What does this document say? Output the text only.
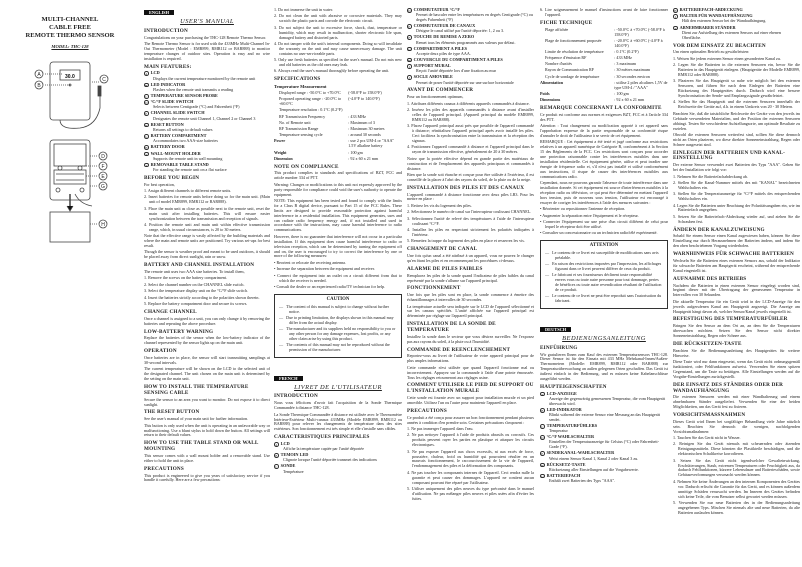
MULTI-CHANNEL
CABLE FREE
REMOTE THERMO SENSOR
MODEL: THC-128
30.0
A
B
C
D
F
E
G
H
ENGLISH
USER'S MANUAL
INTRODUCTION
Congratulations on your purchasing the THC-128 Remote Thermo Sensor.
The Remote Thermo Sensor is for used with the 433MHz Multi-Channel In-Out Thermometer (Model : EMR899, RMR112 or BAR888) to monitor temperature changes of outdoor sites. Operation is easy and no wire installation is required.
MAIN FEATURES:
A LCD
Displays the current temperature monitored by the remote unit
B LED INDICATOR
Flashes when the remote unit transmits a reading
C TEMPERATURE SENSOR PROBE
D °C/°F SLIDE SWITCH
Selects between Centigrade (°C) and Fahrenheit (°F)
E CHANNEL SLIDE SWITCH
Designates the remote unit Channel 1, Channel 2 or Channel 3
F RESET BUTTON
Returns all settings to default values
G BATTERY COMPARTMENT
Accommodates two AAA-size batteries
H BATTERY DOOR
I WALL-MOUNT HOLDER
Supports the remote unit in wall mounting
J REMOVABLE TABLE STAND
For standing the remote unit on a flat surface
BEFORE YOU BEGIN
For best operation,
1. Assign different channels to different remote units.
2. Insert batteries for remote units before doing so for the main unit. (Main unit of model EMR899, RMR112 or BAR888).
3. Place the main unit as close as possible next to the remote unit, reset the main unit after installing batteries. This will ensure easier synchronization between the transmission and reception of signals.
4. Position the remote unit and main unit within effective transmission range, which, in usual circumstances, is 20 to 30 meters.
Note that the effective range is vastly affected by the building materials and where the main and remote units are positioned. Try various set-ups for best result.
Though the sensor is weather proof and meant to be used outdoors, it should be placed away from direct sunlight, rain or snow.
BATTERY AND CHANNEL INSTALLATION
The remote unit uses two AAA size batteries. To install them,
1. Remove the screws on the battery compartment.
2. Select the channel number on the CHANNEL slide switch.
3. Select the temperature display unit on the °C/°F slide switch.
4. Insert the batteries strictly according to the polarities shown therein.
5. Replace the battery compartment door and secure its screws.
CHANGE CHANNEL
Once a channel is assigned to a unit, you can only change it by removing the batteries and repeating the above procedure.
LOW-BATTERY WARNING
Replace the batteries of the sensor when the low-battery indicator of the channel represented by the sensor lights up on the main unit.
OPERATION
Once batteries are in place, the sensor will start transmitting samplings at 30-second intervals.
The current temperature will be shown on the LCD to the selected unit of the designated channel. The unit chosen on the main unit is determined by the setting on the main unit.
HOW TO INSTALL THE TEMPERATURE SENSING CABLE
Secure the sensor to an area you want to monitor. Do not expose it to direct sunlight.
THE RESET BUTTON
See the user's manual of your main unit for further information.
This button is only used when the unit is operating in an unfavorable way or malfunctioning. Use a blunt stylus to hold down the button. All settings will return to their default values.
HOW TO USE THE TABLE STAND OR WALL MOUNTING
This sensor comes with a wall mount holder and a removable stand. Use either to hold the unit in place.
PRECAUTIONS
This product is engineered to give you years of satisfactory service if you handle it carefully. Here are a few precautions:
1. Do not immerse the unit in water.
2. Do not clean the unit with abrasive or corrosive materials. They may scratch the plastic parts and corrode the electronic circuit.
3. Do not subject the unit to excessive force, shock, dust, temperature or humidity, which may result in malfunction, shorter electronic life span, damaged battery and distorted parts.
4. Do not tamper with the unit's internal components. Doing so will invalidate the warranty on the unit and may cause unnecessary damage. The unit contains no user-serviceable parts.
5. Only use fresh batteries as specified in the user's manual. Do not mix new and old batteries as the old ones may leak.
6. Always read the user's manual thoroughly before operating the unit.
SPECIFICATIONS
Temperature Measurement
Displayed range : -50.0°C to +70.0°C	(-58.0°F to 158.0°F)
Proposed operating range : -20.0°C to +60.0°C
(-4.0°F to 140.0°F)
Temperature resolution : 0.1°C (0.2°F)
RF Transmission Frequency	: 433 MHz
No. of Remote unit	: Maximum of 3
RF Transmission Range	: Maximum 30 metres
Temperature sensing cycle	: around 30 seconds
Power	: use 2 pcs UM-4 or "AAA" 1.5V alkaline battery
Weight	: 100 gm
Dimension	: 92 x 60 x 21 mm
NOTE ON COMPLIANCE
This product complies to standards and specifications of BZT, FCC and article number 334 of PTT.
Warning: Changes or modifications to this unit not expressly approved by the party responsible for compliance could void the user's authority to operate the equipment.
NOTE: This equipment has been tested and found to comply with the limits for a Class B digital device, pursuant to Part 15 of the FCC Rules. These limits are designed to provide reasonable protection against harmful interference in a residential installation. This equipment generates, uses and can radiate radio frequency energy and, if not installed and used in accordance with the instructions, may cause harmful interference to radio communications.
However, there is no guarantee that interference will not occur in a particular installation. If this equipment does cause harmful interference to radio or television reception, which can be determined by turning the equipment off and on, the user is encouraged to try to correct the interference by one or more of the following measures:
• Reorient or relocate the receiving antenna.
• Increase the separation between the equipment and receiver.
• Connect the equipment into an outlet on a circuit different from that to which the receiver is needed.
• Consult the dealer or an experienced radio/TV technician for help.
CAUTION
—   The content of this manual is subject to change without further notice.
—   Due to printing limitation, the displays shown in this manual may differ from the actual display.
—   The manufacturer and its suppliers held no responsibility to you or any other person for any damage expenses, lost profits, or any other claim arise by using this product.
—   The contents of this manual may not be reproduced without the permission of the manufacturer.
FRENCH
LIVRET DE L'UTILISATEUR
INTRODUCTION
Nous vous félicitons d'avoir fait l'acquisition de la Sonde Thermique Commandée à distance THC-128.
La Sonde Thermique Commandée à distance est utilisée avec le Thermomètre Intérieur-Extérieur Multi-canaux 433MHz (Modèle EMR899, RMR112 ou BAR888) pour relever les changements de température dans des sites extérieurs. Son fonctionnement est très simple et elle s'installe sans câbles.
CARACTERISTIQUES PRINCIPALES
A LCD
Affiche la température captée par l'unité déportée
B TEMOIN LED
Clignote lorsque l'unité déportée transmet des indications
C SONDE
Température
D COMMUTATEUR °C/°F
Permet de basculer entre les températures en degrés Centigrade (°C) ou degrés Fahrenheit (°F)
E COMMUTATEUR DE CANAUX
Désigne le canal utilisé par l'unité déportée: 1, 2 ou 3.
F TOUCHE DE REMISE A ZERO
Remet tous les éléments programmés aux valeurs par défaut.
G COMPARTIMENT A PILES
Accepte deux piles de type AAA.
H COUVERCLE DU COMPARTIMENT A PILES
I SUPPORT MURAL
Reçoit l'unité déportée lors d'une fixation au mur
J SOCLE AMOVIBLE
Permet de poser l'unité déportée sur une surface horizontale
AVANT DE COMMENCER
Pour un fonctionnement optimum,
1. Attribuez différents canaux à différents appareils commandés à distance.
2. Insérez les piles des appareils commandés à distance avant d'installer celles de l'appareil principal. (Appareil principal du modèle EMR899, RMR112 ou BAR888).
3. Placez l'appareil principal aussi près que possible de l'appareil commandé à distance; réinitialisez l'appareil principal après avoir installé les piles. Ceci facilitera la synchronisation entre la transmission et la réception des signaux.
4. Positionnez l'appareil commandé à distance et l'appareil principal dans le rayon de transmission effective, généralement de 20 à 30 mètres.
Notez que la portée effective dépend en grande partie des matériaux de construction et de l'emplacement des appareils principaux et commandés à distance.
Bien que la sonde soit étanche et conçue pour être utilisée à l'extérieur, il est conseillé de la placer à l'abri des rayons du soleil, de la pluie ou de la neige.
INSTALLATION DES PILES ET DES CANAUX
L'appareil commandé à distance fonctionne avec deux piles LR3. Pour les mettre en place :
1. Retirez les vis du logement des piles.
2. Sélectionnez le numéro de canal sur l'interrupteur coulissant CHANNEL.
3. Sélectionnez l'unité de relevé des températures à l'aide de l'interrupteur coulissant °C/°F.
4. Installez les piles en respectant strictement les polarités indiquées à l'intérieur.
5. Remettez la trappe du logement des piles en place et resserrez les vis.
CHANGEMENT DE CANAL
Une fois qu'un canal a été attribué à un appareil, vous ne pouvez le changer qu'en ôtant les piles et en recommençant les procédures ci-dessus.
ALARME DE PILES FAIBLES
Remplacez les piles de la sonde quand l'indicateur de piles faibles du canal représenté par la sonde s'allume sur l'appareil principal.
FONCTIONNEMENT
Une fois que les piles sont en place, la sonde commence à émettre des échantillonnages à intervalles de 30 secondes.
La température actuelle sera indiquée sur le LCD de l'appareil sélectionné et sur les canaux spécifiés. L'unité affichée sur l'appareil principal est déterminée par réglage sur l'appareil principal.
INSTALLATION DE LA SONDE DE TEMPERATURE
Installez la sonde dans le secteur que vous désirez surveiller. Ne l'exposez pas aux rayons du soleil, à la pluie ou à l'humidité.
COMMANDE DE REENCLENCHEMENT
Reportez-vous au livret de l'utilisateur de votre appareil principal pour de plus amples informations.
Cette commande n'est utilisée que quand l'appareil fonctionne mal ou incorrectement. Appuyez sur la commande à l'aide d'une pointe émoussée. Tous les réglages retourneront aux réglages usine.
COMMENT UTILISER LE PIED DE SUPPORT OU L'INSTALLATION MURALE
Cette sonde est fournie avec un support pour installation murale et un pied amovible. Utilisez l'un ou l'autre pour maintenir l'appareil en place.
PRECAUTIONS
Ce produit a été conçu pour assurer un bon fonctionnement pendant plusieurs années à condition d'en prendre soin. Certaines précautions s'imposent :
1. Ne pas immerger l'appareil dans l'eau.
2. Ne pas nettoyer l'appareil à l'aide de produits abrasifs ou corrosifs. Ces produits peuvent rayer les parties en plastique et attaquer les circuits électroniques.
3. Ne pas exposer l'appareil aux chocs excessifs, ni aux excès de force, poussière, chaleur, froid ou humidité qui pourraient résulter en un mauvais fonctionnement, le raccourcissement de la vie de l'appareil, l'endommagement des piles et la déformation des composants.
4. Ne pas toucher les composants internes de l'appareil. Ceci rendra nulle la garantie et peut causer des dommages. L'appareil ne contient aucun composant pouvant être réparé par l'utilisateur.
5. Utiliser uniquement des piles neuves du type préconisé dans le manuel d'utilisation. Ne pas mélanger piles neuves et piles usées afin d'éviter les fuites.
6. Lire soigneusement le manuel d'instructions avant de faire fonctionner l'appareil.
FICHE TECHNIQUE
Plage affichée	: -50.0°C à +70.0°C (-58.0°F à 158.0°F)
Plage de fonctionnement proposée	: -20.0°C à +60.0°C (-4.0°F à 140.0°F)
Limite de résolution de température	: 0.1°C (0.2°F)
Fréquence d'émission RF	: 433 MHz
Nombre d'unités	: 3 maximum
Rayon de Communication RF	: 30 mètres maximum
Cycle de sondage de température	: 30 secondes environ
Alimentation	: utilise 2 piles alcalines 1,5V de type UM-4 / "AAA"
Poids	: 100 gm
Dimensions	: 92 x 60 x 21 mm
REMARQUE CONCERNANT LA CONFORMITE
Ce produit est conforme aux normes et exigences BZT, FCC et à l'article 334 des PTT.
Attention : Tout changement ou modification apporté à cet appareil sans l'approbation expresse de la partie responsable de sa conformité risque d'annuler le droit de l'utilisateur à se servir de cet équipement.
REMARQUE : Cet équipement a été testé et jugé conforme aux restrictions relatives à un appareil numérique de Catégorie B, conformément à la Section 15 des Règlements de la FCC. Ces restrictions sont conçues pour accorder une protection raisonnable contre les interférences nuisibles dans une installation résidentielle. Cet équipement génère, utilise et peut irradier une énergie de fréquence radio et, s'il n'est pas installé et utilisé conformément aux instructions, il risque de causer des interférences nuisibles aux communications radio.
Cependant, nous ne pouvons garantir l'absence de toute interférence dans une installation donnée. Si cet équipement est source d'interférences nuisibles à la réception radio ou télévision, ce qui peut être déterminé en mettant l'appareil hors tension, puis de nouveau sous tension, l'utilisateur est encouragé à essayer de corriger les interférences à l'aide des mesures suivantes :
• Réorienter ou repositionner l'antenne de réception.
• Augmenter la séparation entre l'équipement et le récepteur.
• Connecter l'équipement sur une prise d'un circuit différent de celui pour lequel le récepteur doit être utilisé.
• Consulter un concessionnaire ou un technicien radio/télé expérimenté.
ATTENTION
—   Le contenu de ce livret est susceptible de modifications sans avis préalable.
—   En raison des restrictions imposées par l'impression, les affichages figurant dans ce livret peuvent différer de ceux du produit.
—   Le fabricant et ses fournisseurs déclinent toute responsabilité envers vous ou toute autre personne pour tout dommage, pertes de bénéfices ou toute autre revendication résultant de l'utilisation de ce produit.
—   Le contenu de ce livret ne peut être reproduit sans l'autorisation du fabricant.
DEUTSCH
BEDIENUNGSANLEITUNG
EINFÜHRUNG
Wir gratulieren Ihnen zum Kauf des externen Temperatursensors THC-128. Dieser Sensor ist für den Einsatz mit 433 MHz Mehrkanal-Innen/Außen-Thermometern (Modelle: EMR899, RMR112 oder BAR888) zur Temperaturüberwachung an außen gelegenen Orten geschaffen. Das Gerät ist äußerst einfach in der Bedienung, und es müssen keine Kabelanschlüsse ausgeführt werden.
HAUPTEIGENSCHAFTEN
A LCD-ANZEIGE
Anzeige der gegenwärtig gemessenen Temperatur, die vom Hauptgerät überwacht wird.
B LED-INDIKATOR
Blinkt während der externe Sensor eine Messung an das Hauptgerät sendet.
C TEMPERATURFÜHLERS
Temperatur
D °C/°F WAHLSCHALTER
Einstellen der Temperaturanzeige für Celsius (°C) oder Fahrenheit-Grade (°F).
E SENDEKANAL-WAHLSCHALTER
Weist einem Sensor Kanal 1, Kanal 2 oder Kanal 3 zu.
F RÜCKSETZ-TASTE
Rücksetzung aller Einstellungen auf die Vorgabewerte.
G BATTERIEFACH
Enthält zwei Batterien des Typs "AAA".
H BATTERIEFACH-ABDECKUNG
I HALTER FÜR WANDAUFHÄNGUNG
Hält den externen Sensor bei der Wandaufhängung.
J ABNEHMBARER STÄNDER
Dient zur Aufstellung des externen Sensors auf einer ebenen Oberfläche.
VOR DEM EINSATZ ZU BEACHTEN
Um einen optimalen Betrieb zu gewährleisten:
1. Weisen Sie jedem externen Sensor einen gesonderten Kanal zu.
2. Legen Sie die Batterien in die externen Sensoren ein, bevor Sie die Batterien in das Hauptgerät einlegen. (Hauptgeräte der Modelle EMR899, RMR112 oder BAR888).
3. Plazieren Sie das Hauptgerät so nahe wie möglich bei den externen Sensoren, und führen Sie nach dem Einlegen der Batterien eine Rücksetzung des Hauptgerätes durch. Dadurch wird eine bessere Synchronisation der Sende- und Empfangssignale gewährleistet.
4. Stellen Sie das Hauptgerät und die externen Sensoren innerhalb der Reichweite der Geräte auf, d.h. in einem Umkreis von 20 - 30 Metern.
Beachten Sie, daß die tatsächliche Reichweite der Geräte von den jeweils im Gebäude verwendeten Materialien, und der Position der externen Sensoren abhängt. Testen Sie verschiedene Aufstellungsorte, um optimale Resultate zu erzielen.
Obwohl die externen Sensoren wetterfest sind, sollten Sie diese dennoch nicht an Orten plazieren, wo diese direkter Sonneneinstrahlung, Regen oder Schnee ausgesetzt sind.
EINLEGEN DER BATTERIEN UND KANAL-EINSTELLUNG
Der externe Sensor verwendet zwei Batterien des Typs "AAA". Gehen Sie bei der Installation wie folgt vor:
1. Nehmen Sie die Batteriefachabdeckung ab.
2. Stellen Sie die Kanal-Nummer mittels des mit "KANAL" bezeichneten Wahlschalters ein.
3. Stellen Sie die Temperaturanzeige für °C/°F mittels des entsprechenden Wahlschalters ein.
4. Legen Sie die Batterien unter Beachtung der Polaritätsangaben ein, wie im Batteriefach angegeben.
5. Setzen Sie die Batteriefach-Abdeckung wieder auf, und ziehen Sie die Schrauben fest.
ÄNDERN DER KANALZUWEISUNG
Sobald Sie einem Sensor einen Kanal zugewiesen haben, können Sie diese Einstellung nur durch Herausnehmen der Batterien ändern, und indem Sie den oben beschriebenen Vorgang wiederholen.
WARNHINWEIS FÜR SCHWACHE BATTERIEN
Wechseln Sie die Batterien eines externen Sensors aus, sobald der Indikator für schwache Batterien am Hauptgerät erscheint, während der entsprechende Kanal eingestellt ist.
AUFNAHME DES BETRIEBS
Nachdem die Batterien in einen externen Sensor eingelegt worden sind, beginnt dieser mit der Übertragung der gemessenen Temperatur in Intervallen von 30 Sekunden.
Die aktuelle Temperatur für ein Gerät wird in der LCD-Anzeige für den jeweils aufgerufenen Kanal am Hauptgerät angezeigt. Die Anzeige am Hauptgerät hängt davon ab, welcher Sensor/Kanal jeweils eingestellt ist.
BEFESTIGUNG DES TEMPERATURFÜHLER
Bringen Sie den Sensor an dem Ort an, an dem Sie die Temperaturen überwachen möchten. Setzen Sie den Sensor nicht direkter Sonneneinstrahlung, Regen oder Schnee aus.
DIE RÜCKSETZEN-TASTE
Beachten Sie die Bedienungsanleitung des Hauptgerätes für weitere Hinweise.
Diese Taste wird nur dann eingesetzt, wenn das Gerät nicht ordnungsgemäß funktioniert, oder Fehlfunktionen aufweist. Verwenden Sie einen spitzen Gegenstand, um die Taste zu betätigen. Alle Einstellungen werden auf die Vorgabe-Einstellungen zurückgestellt.
DER EINSATZ DES STÄNDERS ODER DER WANDAUFHÄNGUNG
Die externen Sensoren werden mit einer Wandhalterung und einem abnehmbaren Ständer ausgeliefert. Verwenden Sie eine der beiden Möglichkeiten, um das Gerät fest zu fixieren.
VORSICHTSMASSNAHMEN
Dieses Gerät wird Ihnen bei sorgfältiger Behandlung viele Jahre nützlich sein. Beachten Sie dennoch die wenigen, nachfolgenden Vorsichtsmaßnahmen:
1. Tauchen Sie das Gerät nicht in Wasser.
2. Reinigen Sie das Gerät niemals mit scheuernden oder ätzenden Reinigungsmitteln. Diese könnten die Plastikteile beschädigen, und die elektronischen Schaltkreise korrodieren.
3. Setzen Sie das Gerät nicht irgendwelcher Gewalteinwirkung, Erschütterungen, Staub, extremen Temperaturen oder Feuchtigkeit aus, da dadurch Fehlfunktionen, kürzere Lebensdauer und Batterieschäden, sowie Gehäuseverformungen verursacht werden können.
4. Nehmen Sie keine Änderungen an den internen Komponenten des Gerätes vor. Dadurch erlischt die Garantie für das Gerät, und es können außerdem unnötige Schäden verursacht werden. Im Inneren des Gerätes befinden sich keine Teile, die vom Benutzer selbst gewartet werden müssen.
5. Verwenden Sie nur neue Batterien des in der Bedienungsanleitung angegebenen Typs. Mischen Sie niemals alte und neue Batterien, da alte Batterien auslaufen können.
